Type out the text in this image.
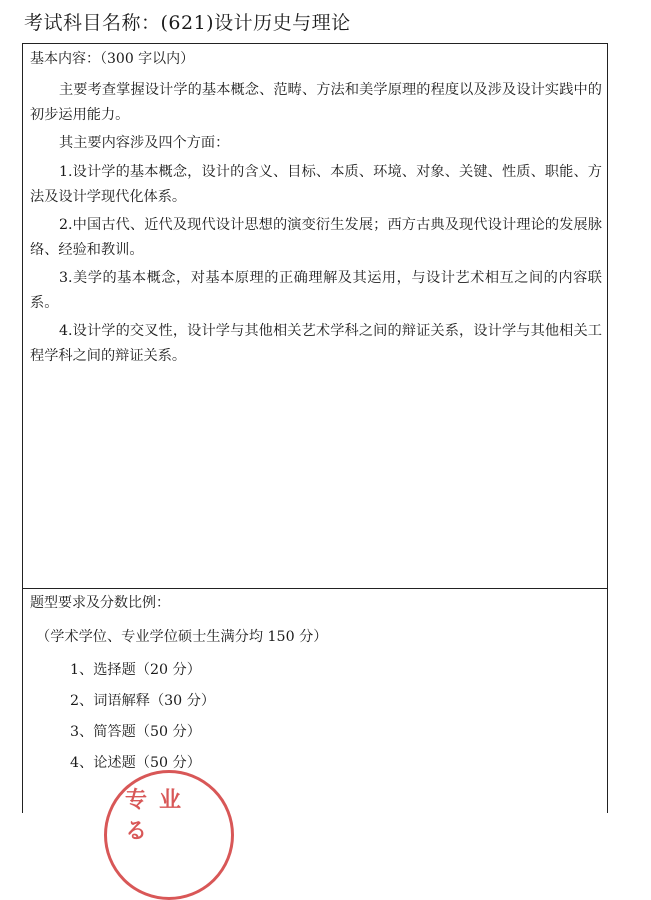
考试科目名称：(621)设计历史与理论
基本内容：（300 字以内）
主要考查掌握设计学的基本概念、范畴、方法和美学原理的程度以及涉及设计实践中的初步运用能力。
其主要内容涉及四个方面：
1.设计学的基本概念，设计的含义、目标、本质、环境、对象、关键、性质、职能、方法及设计学现代化体系。
2.中国古代、近代及现代设计思想的演变衍生发展；西方古典及现代设计理论的发展脉络、经验和教训。
3.美学的基本概念，对基本原理的正确理解及其运用，与设计艺术相互之间的内容联系。
4.设计学的交叉性，设计学与其他相关艺术学科之间的辩证关系，设计学与其他相关工程学科之间的辩证关系。
题型要求及分数比例：
（学术学位、专业学位硕士生满分均 150 分）
1、选择题（20 分）
2、词语解释（30 分）
3、简答题（50 分）
4、论述题（50 分）
专业 る
